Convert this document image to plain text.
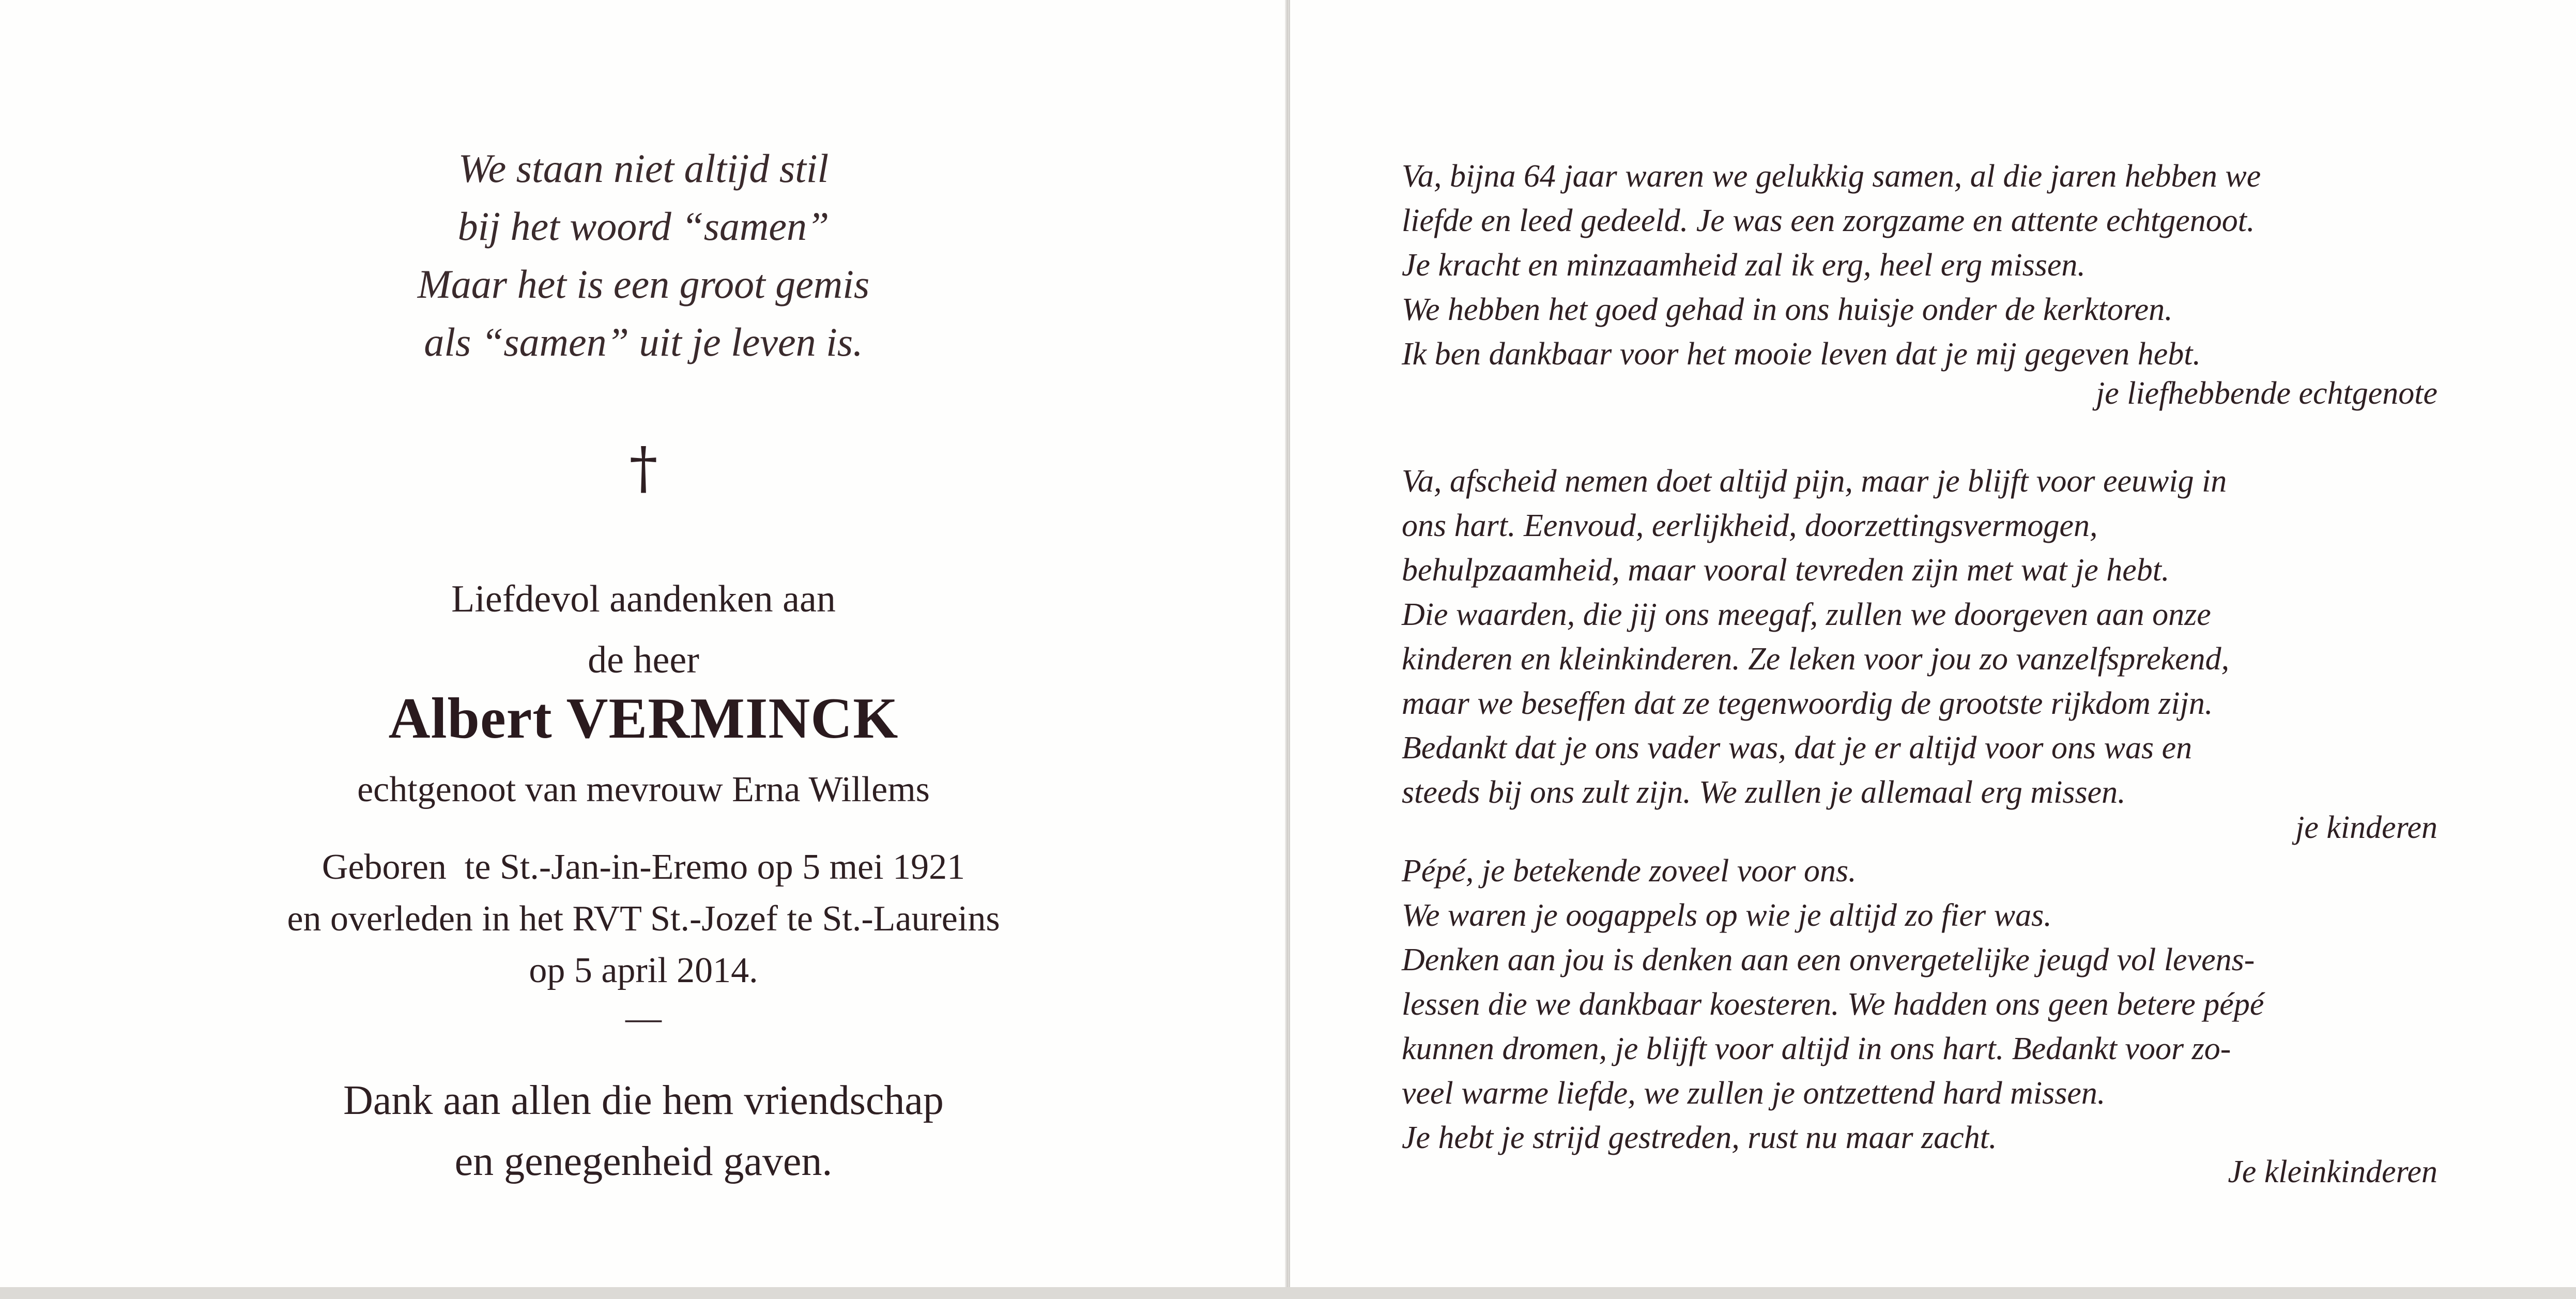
We staan niet altijd stil
bij het woord “samen”
Maar het is een groot gemis
als “samen” uit je leven is.
†
Liefdevol aandenken aan
de heer
Albert VERMINCK
echtgenoot van mevrouw Erna Willems
Geboren  te St.-Jan-in-Eremo op 5 mei 1921
en overleden in het RVT St.-Jozef te St.-Laureins
op 5 april 2014.
—
Dank aan allen die hem vriendschap
en genegenheid gaven.
Va, bijna 64 jaar waren we gelukkig samen, al die jaren hebben we
liefde en leed gedeeld. Je was een zorgzame en attente echtgenoot.
Je kracht en minzaamheid zal ik erg, heel erg missen.
We hebben het goed gehad in ons huisje onder de kerktoren.
Ik ben dankbaar voor het mooie leven dat je mij gegeven hebt.
je liefhebbende echtgenote
Va, afscheid nemen doet altijd pijn, maar je blijft voor eeuwig in
ons hart. Eenvoud, eerlijkheid, doorzettingsvermogen,
behulpzaamheid, maar vooral tevreden zijn met wat je hebt.
Die waarden, die jij ons meegaf, zullen we doorgeven aan onze
kinderen en kleinkinderen. Ze leken voor jou zo vanzelfsprekend,
maar we beseffen dat ze tegenwoordig de grootste rijkdom zijn.
Bedankt dat je ons vader was, dat je er altijd voor ons was en
steeds bij ons zult zijn. We zullen je allemaal erg missen.
je kinderen
Pépé, je betekende zoveel voor ons.
We waren je oogappels op wie je altijd zo fier was.
Denken aan jou is denken aan een onvergetelijke jeugd vol levens-
lessen die we dankbaar koesteren. We hadden ons geen betere pépé
kunnen dromen, je blijft voor altijd in ons hart. Bedankt voor zo-
veel warme liefde, we zullen je ontzettend hard missen.
Je hebt je strijd gestreden, rust nu maar zacht.
Je kleinkinderen
